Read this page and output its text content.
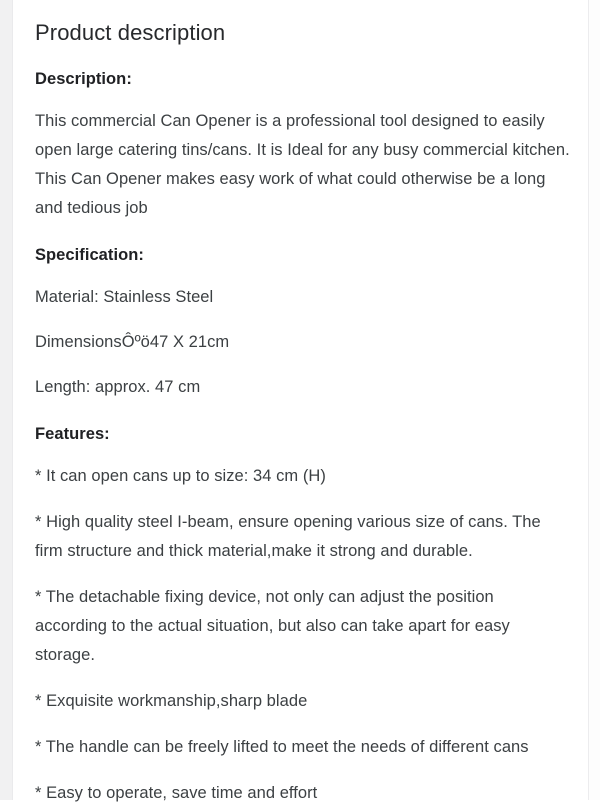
Product description
Description:

This commercial Can Opener is a professional tool designed to easily open large catering tins/cans. It is Ideal for any busy commercial kitchen. This Can Opener makes easy work of what could otherwise be a long and tedious job

Specification:

Material: Stainless Steel

DimensionsÔºö47 X 21cm

Length: approx. 47 cm

Features:

* It can open cans up to size: 34 cm (H)

* High quality steel I-beam, ensure opening various size of cans. The firm structure and thick material,make it strong and durable.

* The detachable fixing device, not only can adjust the position according to the actual situation, but also can take apart for easy storage.

* Exquisite workmanship,sharp blade

* The handle can be freely lifted to meet the needs of different cans

* Easy to operate, save time and effort
